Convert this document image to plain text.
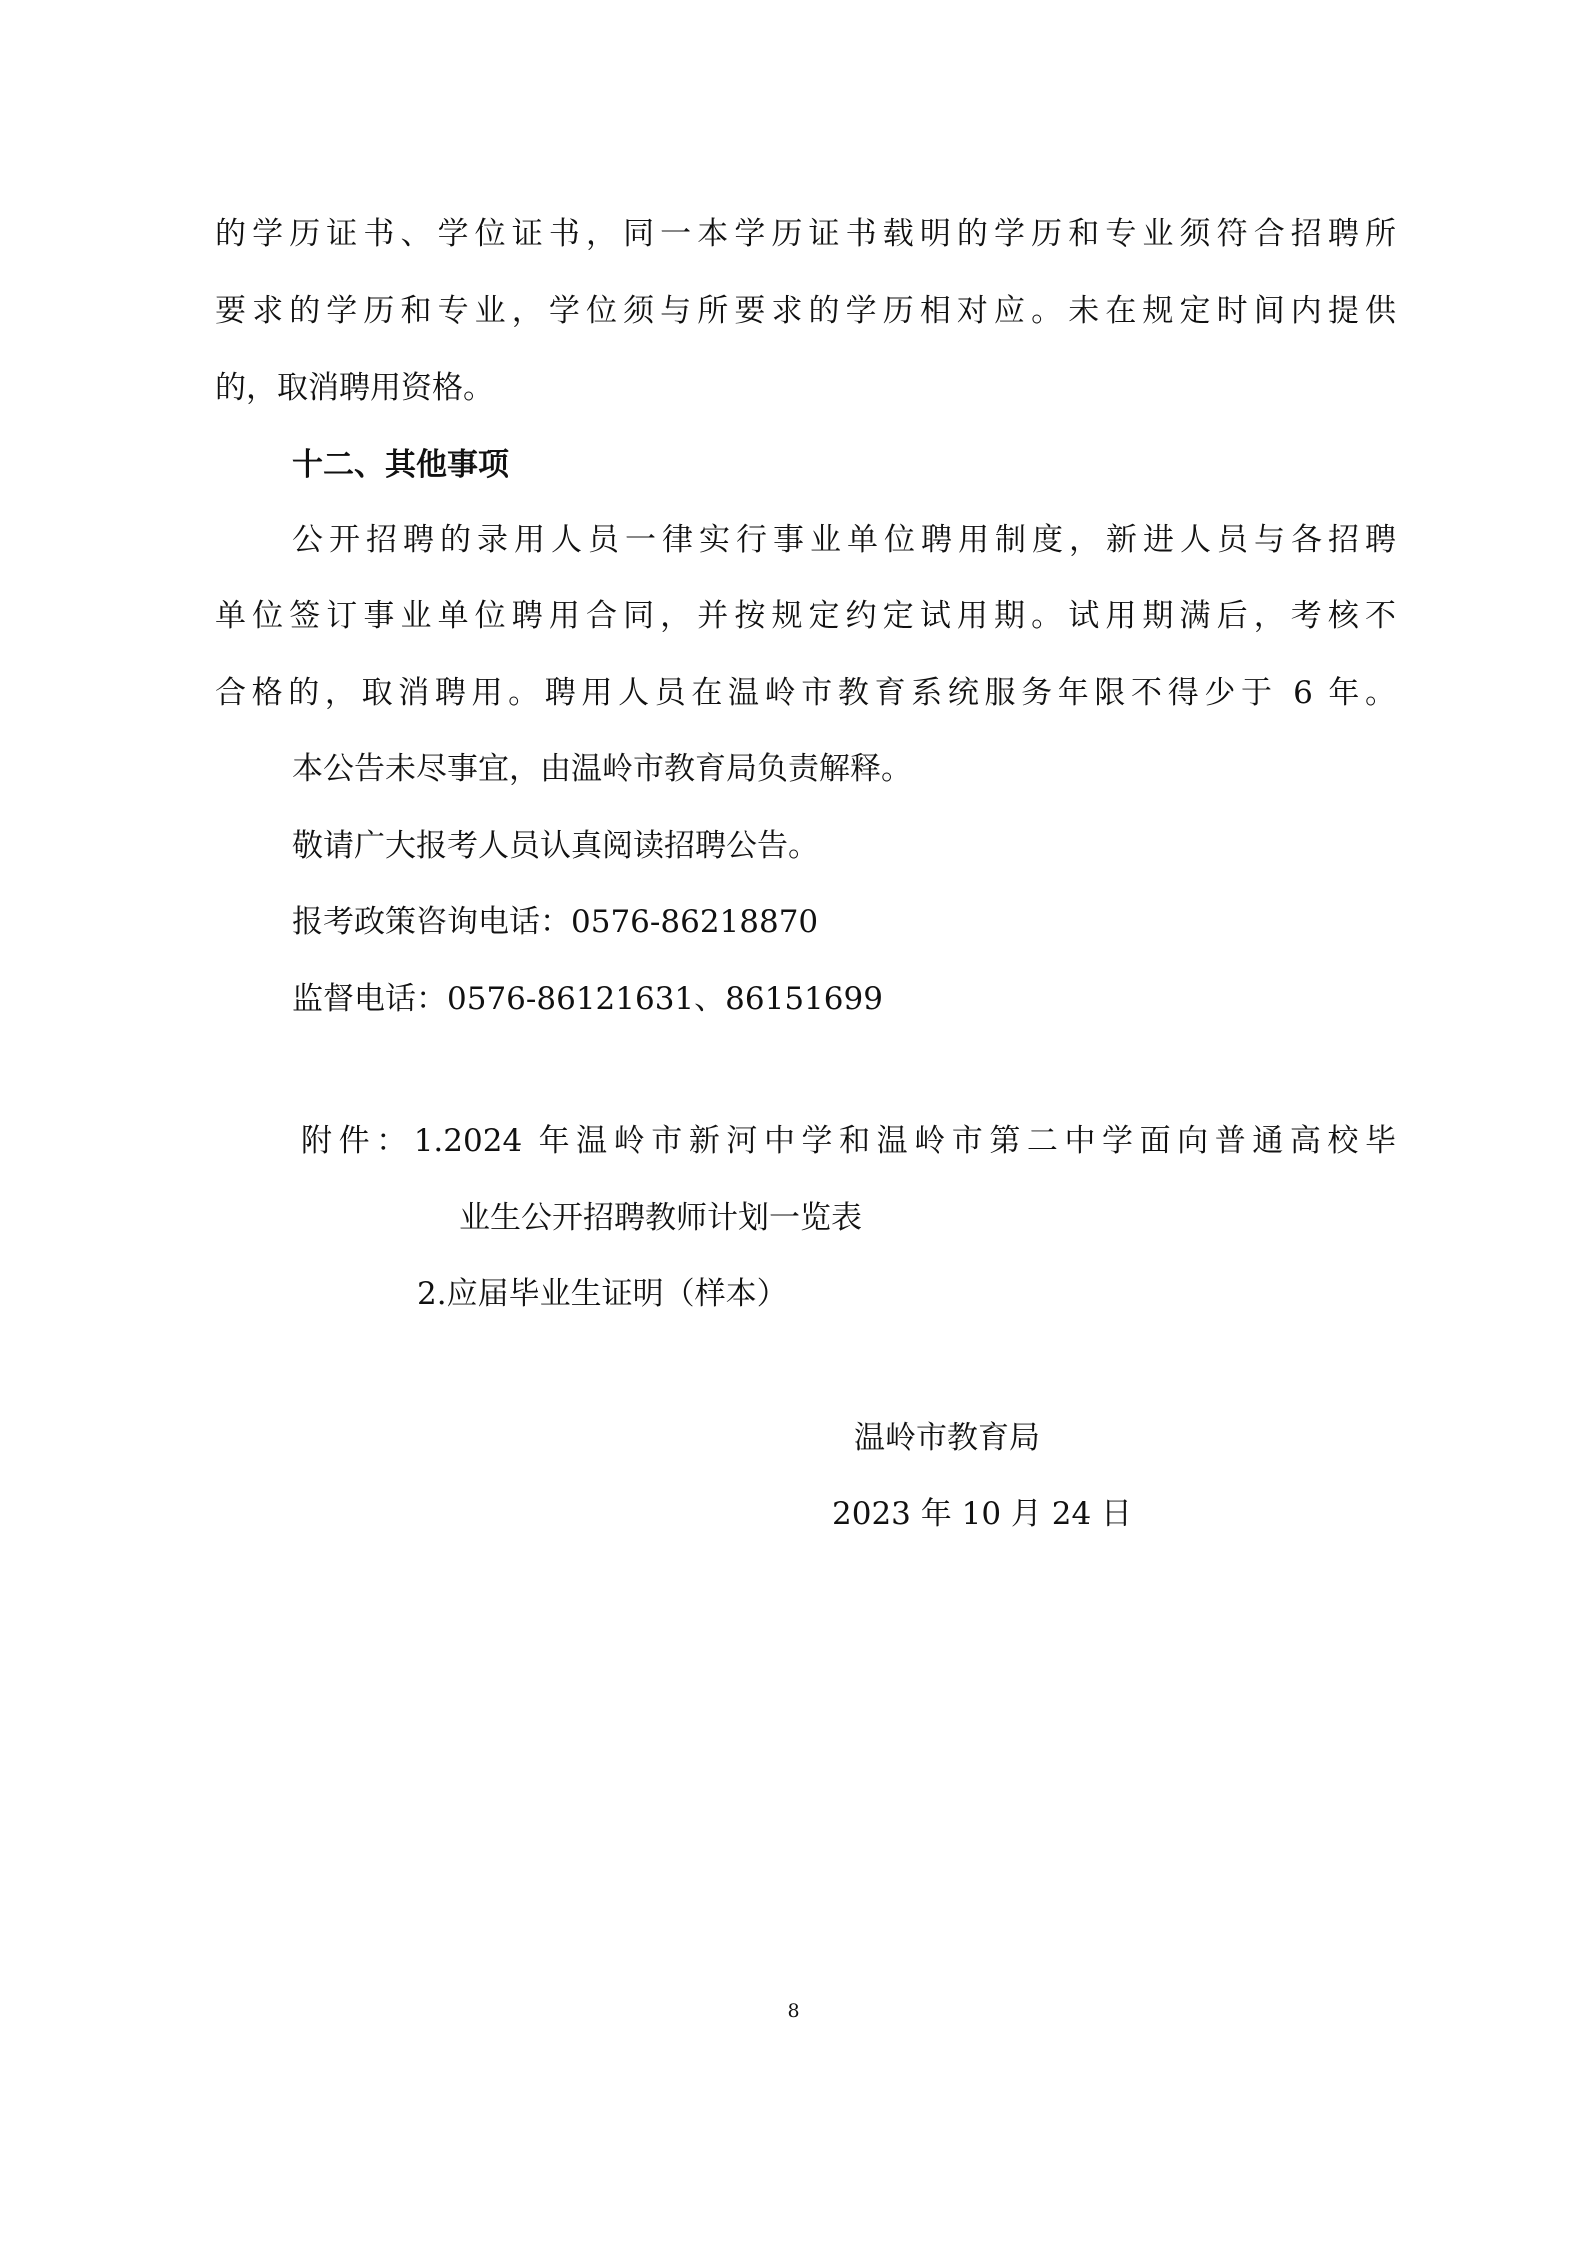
的学历证书、学位证书，同一本学历证书载明的学历和专业须符合招聘所
要求的学历和专业，学位须与所要求的学历相对应。未在规定时间内提供
的，取消聘用资格。
十二、其他事项
公开招聘的录用人员一律实行事业单位聘用制度，新进人员与各招聘
单位签订事业单位聘用合同，并按规定约定试用期。试用期满后，考核不
合格的，取消聘用。聘用人员在温岭市教育系统服务年限不得少于 6 年。
本公告未尽事宜，由温岭市教育局负责解释。
敬请广大报考人员认真阅读招聘公告。
报考政策咨询电话：0576-86218870
监督电话：0576-86121631、86151699
附件：1.2024 年温岭市新河中学和温岭市第二中学面向普通高校毕
业生公开招聘教师计划一览表
2.应届毕业生证明（样本）
温岭市教育局
2023 年 10 月 24 日
8
